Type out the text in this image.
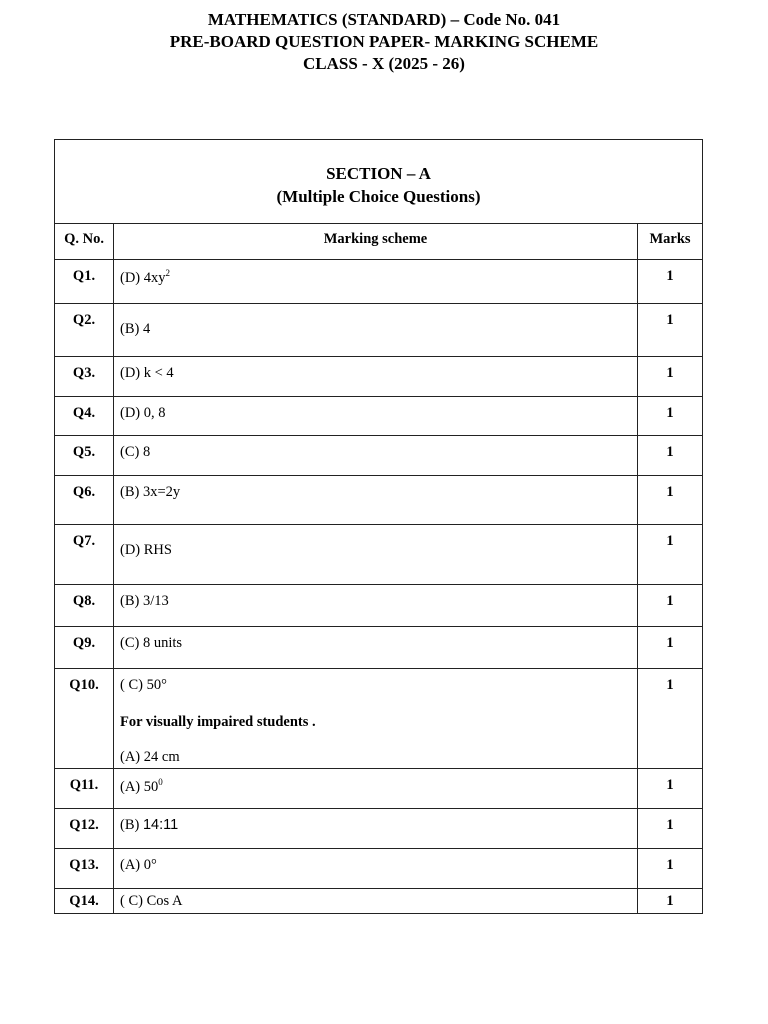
MATHEMATICS (STANDARD) – Code No. 041
PRE-BOARD QUESTION PAPER- MARKING SCHEME
CLASS - X (2025 - 26)
SECTION – A
(Multiple Choice Questions)		

Q. No.	Marking scheme	Marks
Q1.	(D) $4xy^2$	1
Q2.	(B) 4	1
Q3.	(D) k < 4	1
Q4.	(D) 0, 8	1
Q5.	(C) 8	1
Q6.	(B) 3x=2y	1
Q7.	(D) RHS	1
Q8.	(B) 3/13	1
Q9.	(C) 8 units	1
Q10.	( C) 50°
For visually impaired students .
(A) 24 cm	1
Q11.	(A) $50^0$	1
Q12.	(B) 14:11	1
Q13.	(A) 0°	1
Q14.	( C) Cos A	1
